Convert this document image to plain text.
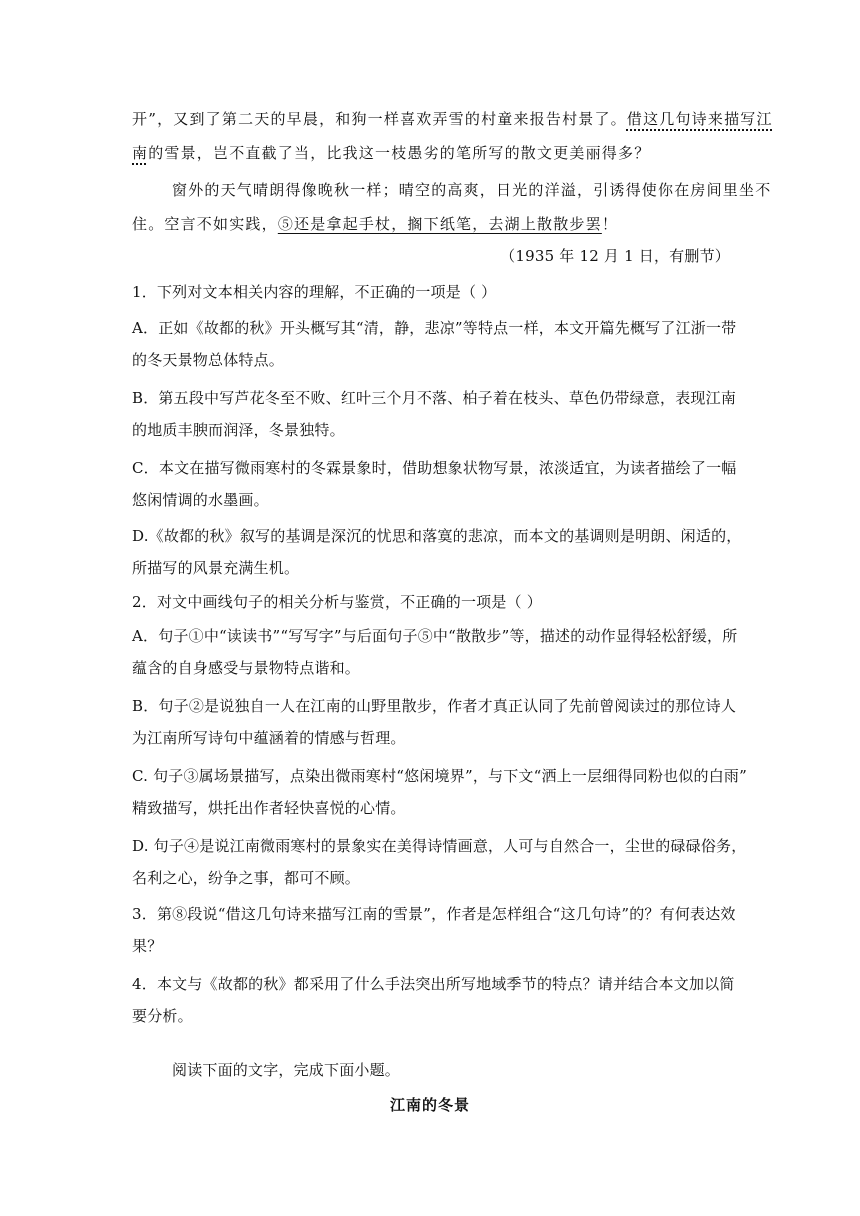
开”，又到了第二天的早晨，和狗一样喜欢弄雪的村童来报告村景了。借这几句诗来描写江
南的雪景，岂不直截了当，比我这一枝愚劣的笔所写的散文更美丽得多？
窗外的天气晴朗得像晚秋一样；晴空的高爽，日光的洋溢，引诱得使你在房间里坐不
住。空言不如实践，⑤还是拿起手杖，搁下纸笔，去湖上散散步罢！
（1935 年 12 月 1 日，有删节）
1．下列对文本相关内容的理解，不正确的一项是（ ）
A．正如《故都的秋》开头概写其“清，静，悲凉”等特点一样，本文开篇先概写了江浙一带
的冬天景物总体特点。
B．第五段中写芦花冬至不败、红叶三个月不落、柏子着在枝头、草色仍带绿意，表现江南
的地质丰腴而润泽，冬景独特。
C．本文在描写微雨寒村的冬霖景象时，借助想象状物写景，浓淡适宜，为读者描绘了一幅
悠闲情调的水墨画。
D.《故都的秋》叙写的基调是深沉的忧思和落寞的悲凉，而本文的基调则是明朗、闲适的，
所描写的风景充满生机。
2．对文中画线句子的相关分析与鉴赏，不正确的一项是（ ）
A．句子①中“读读书”“写写字”与后面句子⑤中“散散步”等，描述的动作显得轻松舒缓，所
蕴含的自身感受与景物特点谐和。
B．句子②是说独自一人在江南的山野里散步，作者才真正认同了先前曾阅读过的那位诗人
为江南所写诗句中蕴涵着的情感与哲理。
C. 句子③属场景描写，点染出微雨寒村“悠闲境界”，与下文“洒上一层细得同粉也似的白雨”
精致描写，烘托出作者轻快喜悦的心情。
D. 句子④是说江南微雨寒村的景象实在美得诗情画意，人可与自然合一，尘世的碌碌俗务，
名利之心，纷争之事，都可不顾。
3．第⑧段说“借这几句诗来描写江南的雪景”，作者是怎样组合“这几句诗”的？有何表达效
果？
4．本文与《故都的秋》都采用了什么手法突出所写地域季节的特点？请并结合本文加以简
要分析。
阅读下面的文字，完成下面小题。
江南的冬景
